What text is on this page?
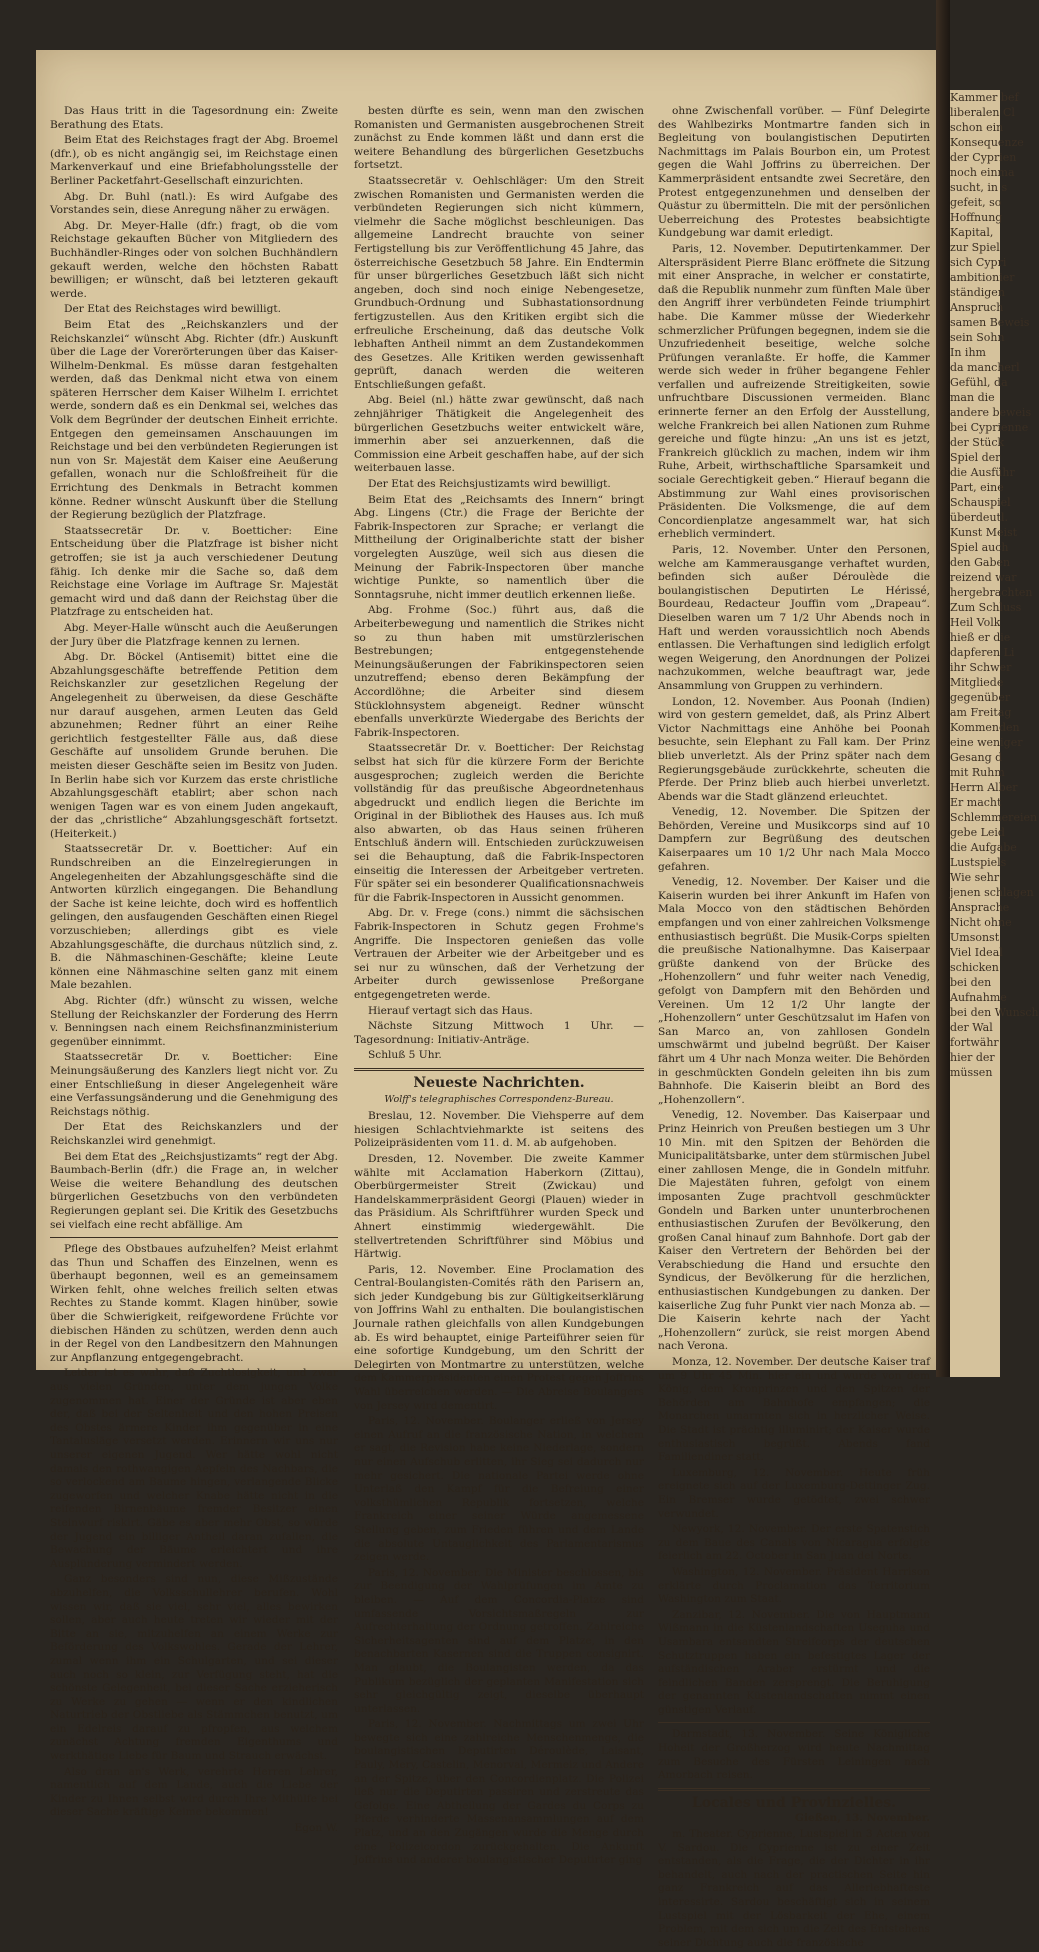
Das Haus tritt in die Tagesordnung ein: Zweite Berathung des Etats.

Beim Etat des Reichstages fragt der Abg. Broemel (dfr.), ob es nicht angängig sei, im Reichstage einen Markenverkauf und eine Briefabholungsstelle der Berliner Packetfahrt-Gesellschaft einzurichten.

Abg. Dr. Buhl (natl.): Es wird Aufgabe des Vorstandes sein, diese Anregung näher zu erwägen.

Abg. Dr. Meyer-Halle (dfr.) fragt, ob die vom Reichstage gekauften Bücher von Mitgliedern des Buchhändler-Ringes oder von solchen Buchhändlern gekauft werden, welche den höchsten Rabatt bewilligen; er wünscht, daß bei letzteren gekauft werde.

Der Etat des Reichstages wird bewilligt.

Beim Etat des „Reichskanzlers und der Reichskanzlei“ wünscht Abg. Richter (dfr.) Auskunft über die Lage der Vorerörterungen über das Kaiser-Wilhelm-Denkmal. Es müsse daran festgehalten werden, daß das Denkmal nicht etwa von einem späteren Herrscher dem Kaiser Wilhelm I. errichtet werde, sondern daß es ein Denkmal sei, welches das Volk dem Begründer der deutschen Einheit errichte. Entgegen den gemeinsamen Anschauungen im Reichstage und bei den verbündeten Regierungen ist nun von Sr. Majestät dem Kaiser eine Aeußerung gefallen, wonach nur die Schloßfreiheit für die Errichtung des Denkmals in Betracht kommen könne. Redner wünscht Auskunft über die Stellung der Regierung bezüglich der Platzfrage.

Staatssecretär Dr. v. Boetticher: Eine Entscheidung über die Platzfrage ist bisher nicht getroffen; sie ist ja auch verschiedener Deutung fähig. Ich denke mir die Sache so, daß dem Reichstage eine Vorlage im Auftrage Sr. Majestät gemacht wird und daß dann der Reichstag über die Platzfrage zu entscheiden hat.

Abg. Meyer-Halle wünscht auch die Aeußerungen der Jury über die Platzfrage kennen zu lernen.

Abg. Dr. Böckel (Antisemit) bittet eine die Abzahlungsgeschäfte betreffende Petition dem Reichskanzler zur gesetzlichen Regelung der Angelegenheit zu überweisen, da diese Geschäfte nur darauf ausgehen, armen Leuten das Geld abzunehmen; Redner führt an einer Reihe gerichtlich festgestellter Fälle aus, daß diese Geschäfte auf unsolidem Grunde beruhen. Die meisten dieser Geschäfte seien im Besitz von Juden. In Berlin habe sich vor Kurzem das erste christliche Abzahlungsgeschäft etablirt; aber schon nach wenigen Tagen war es von einem Juden angekauft, der das „christliche“ Abzahlungsgeschäft fortsetzt. (Heiterkeit.)

Staatssecretär Dr. v. Boetticher: Auf ein Rundschreiben an die Einzelregierungen in Angelegenheiten der Abzahlungsgeschäfte sind die Antworten kürzlich eingegangen. Die Behandlung der Sache ist keine leichte, doch wird es hoffentlich gelingen, den ausfaugenden Geschäften einen Riegel vorzuschieben; allerdings gibt es viele Abzahlungsgeschäfte, die durchaus nützlich sind, z. B. die Nähmaschinen-Geschäfte; kleine Leute können eine Nähmaschine selten ganz mit einem Male bezahlen.

Abg. Richter (dfr.) wünscht zu wissen, welche Stellung der Reichskanzler der Forderung des Herrn v. Benningsen nach einem Reichsfinanzministerium gegenüber einnimmt.

Staatssecretär Dr. v. Boetticher: Eine Meinungsäußerung des Kanzlers liegt nicht vor. Zu einer Entschließung in dieser Angelegenheit wäre eine Verfassungsänderung und die Genehmigung des Reichstags nöthig.

Der Etat des Reichskanzlers und der Reichskanzlei wird genehmigt.

Bei dem Etat des „Reichsjustizamts“ regt der Abg. Baumbach-Berlin (dfr.) die Frage an, in welcher Weise die weitere Behandlung des deutschen bürgerlichen Gesetzbuchs von den verbündeten Regierungen geplant sei. Die Kritik des Gesetzbuchs sei vielfach eine recht abfällige. Am

Pflege des Obstbaues aufzuhelfen? Meist erlahmt das Thun und Schaffen des Einzelnen, wenn es überhaupt begonnen, weil es an gemeinsamem Wirken fehlt, ohne welches freilich selten etwas Rechtes zu Stande kommt. Klagen hinüber, sowie über die Schwierigkeit, reifgewordene Früchte vor diebischen Händen zu schützen, werden denn auch in der Regel von den Landbesitzern den Mahnungen zur Anpflanzung entgegengebracht.

Leider ist es wahr, daß Zuchtlosigkeit, und zwar aus vielen Gründen, unter dem jungen Volke zugenommen hat. Einer der Gründe ist aber eben der, daß bei der Seltenheit und den hohen Preisen des Obstes ärmere Kinder ihm gegenüber in eine Tantalusläge versetzt werden. Erinnern wir uns nur unserer eigenen Jugend. Wer hätte wohl nicht damals den rothwangigen Aepfeln des Nachbars, die so verlockend am Baume hingen, verlangende Blicke zugeworfen und welcher Knabe hätte nicht in die reifenden Birnenbäume fremder Besitzer einen Steinwurf riskirt. Gäbe es aber mehr Obst, so würde der Jugend ein billiger Antheil daran zufallen, die Bewachung der Bäume erleichtert und ihre Ausplünderung vermindert werden.

Ganz besonders sind nun, diese Mißzustände abzuhelfen, die Volksschullehrer berufen. Wohl wissen wir, daß sie viel, sehr viel, alles bewirken sollen, aber auch heute treten wir wieder mit der Bitte an sie, mitzuhelfen an einem Werke zur Beförderung des Volkswohles. Gerade der Lehrer, zumal wenn ihm ein Schulgarten, und sei dieser auch noch so klein, zur Verfügung steht, hat die schönste Gelegenheit, bei dieser Sache erzieherisch zu Werke zu gehen — wenn er den kindlichen Naturtrieb der Obstliebe als Stämmchen benutzt, um ein Edelreis darauf zu pfropfen, aus welchem zunächst Achtung fremden Eigenthums und werkthätige Liebe für Baum und Strauch erwächst.

Also dran an's Werk, verehrte Herren Lehrer, namentlich auf dem Lande, auch die Liebe der Kinder zu Ihnen selbst wird durch Ihre Mithülfe bei dieser Sache kräftige Keime bekommen!

Egon W.

besten dürfte es sein, wenn man den zwischen Romanisten und Germanisten ausgebrochenen Streit zunächst zu Ende kommen läßt und dann erst die weitere Behandlung des bürgerlichen Gesetzbuchs fortsetzt.

Staatssecretär v. Oehlschläger: Um den Streit zwischen Romanisten und Germanisten werden die verbündeten Regierungen sich nicht kümmern, vielmehr die Sache möglichst beschleunigen. Das allgemeine Landrecht brauchte von seiner Fertigstellung bis zur Veröffentlichung 45 Jahre, das österreichische Gesetzbuch 58 Jahre. Ein Endtermin für unser bürgerliches Gesetzbuch läßt sich nicht angeben, doch sind noch einige Nebengesetze, Grundbuch-Ordnung und Subhastationsordnung fertigzustellen. Aus den Kritiken ergibt sich die erfreuliche Erscheinung, daß das deutsche Volk lebhaften Antheil nimmt an dem Zustandekommen des Gesetzes. Alle Kritiken werden gewissenhaft geprüft, danach werden die weiteren Entschließungen gefaßt.

Abg. Beiel (nl.) hätte zwar gewünscht, daß nach zehnjähriger Thätigkeit die Angelegenheit des bürgerlichen Gesetzbuchs weiter entwickelt wäre, immerhin aber sei anzuerkennen, daß die Commission eine Arbeit geschaffen habe, auf der sich weiterbauen lasse.

Der Etat des Reichsjustizamts wird bewilligt.

Beim Etat des „Reichsamts des Innern“ bringt Abg. Lingens (Ctr.) die Frage der Berichte der Fabrik-Inspectoren zur Sprache; er verlangt die Mittheilung der Originalberichte statt der bisher vorgelegten Auszüge, weil sich aus diesen die Meinung der Fabrik-Inspectoren über manche wichtige Punkte, so namentlich über die Sonntagsruhe, nicht immer deutlich erkennen ließe.

Abg. Frohme (Soc.) führt aus, daß die Arbeiterbewegung und namentlich die Strikes nicht so zu thun haben mit umstürzlerischen Bestrebungen; entgegenstehende Meinungsäußerungen der Fabrikinspectoren seien unzutreffend; ebenso deren Bekämpfung der Accordlöhne; die Arbeiter sind diesem Stücklohnsystem abgeneigt. Redner wünscht ebenfalls unverkürzte Wiedergabe des Berichts der Fabrik-Inspectoren.

Staatssecretär Dr. v. Boetticher: Der Reichstag selbst hat sich für die kürzere Form der Berichte ausgesprochen; zugleich werden die Berichte vollständig für das preußische Abgeordnetenhaus abgedruckt und endlich liegen die Berichte im Original in der Bibliothek des Hauses aus. Ich muß also abwarten, ob das Haus seinen früheren Entschluß ändern will. Entschieden zurückzuweisen sei die Behauptung, daß die Fabrik-Inspectoren einseitig die Interessen der Arbeitgeber vertreten. Für später sei ein besonderer Qualificationsnachweis für die Fabrik-Inspectoren in Aussicht genommen.

Abg. Dr. v. Frege (cons.) nimmt die sächsischen Fabrik-Inspectoren in Schutz gegen Frohme's Angriffe. Die Inspectoren genießen das volle Vertrauen der Arbeiter wie der Arbeitgeber und es sei nur zu wünschen, daß der Verhetzung der Arbeiter durch gewissenlose Preßorgane entgegengetreten werde.

Hierauf vertagt sich das Haus.

Nächste Sitzung Mittwoch 1 Uhr. — Tagesordnung: Initiativ-Anträge.

Schluß 5 Uhr.

Neueste Nachrichten.
Wolff's telegraphisches Correspondenz-Bureau.

Breslau, 12. November. Die Viehsperre auf dem hiesigen Schlachtviehmarkte ist seitens des Polizeipräsidenten vom 11. d. M. ab aufgehoben.

Dresden, 12. November. Die zweite Kammer wählte mit Acclamation Haberkorn (Zittau), Oberbürgermeister Streit (Zwickau) und Handelskammerpräsident Georgi (Plauen) wieder in das Präsidium. Als Schriftführer wurden Speck und Ahnert einstimmig wiedergewählt. Die stellvertretenden Schriftführer sind Möbius und Härtwig.

Paris, 12. November. Eine Proclamation des Central-Boulangisten-Comités räth den Parisern an, sich jeder Kundgebung bis zur Gültigkeitserklärung von Joffrins Wahl zu enthalten. Die boulangistischen Journale rathen gleichfalls von allen Kundgebungen ab. Es wird behauptet, einige Parteiführer seien für eine sofortige Kundgebung, um den Schritt der Delegirten von Montmartre zu unterstützen, welche dem Kammerpräsidenten einen Protest gegen Joffrins Wahl überreichen werden. — Die Abreise Boulangers von Jersey wird dementirt.

Paris, 12. November. Boulanger erließ von Jersey einen Aufruf an die französische Nation, in welchem er sagt, die Revision habe keine Niederlage, sondern nur einen Aufschub erlitten, ihr Sieg sei dadurch nur mehr gesichert. Die nationale Partei werde ohne Unterlaß den Kampf für die Befreiung einer volksthümlichen Republik fortsetzen, welche Frankreich einer seiner Würde angemessene Stellung geben, zum Frieden führen und dem Lande die absolute Untauglichkeit des Parlamentarismus zeigen werde.

Paris, 12. November. Die Minister beschlossen, bis zur Beendigung der Wahlprüfungen im Amte zu bleiben. — Auf dem Concordia-Platze sind umfassende Vorsichtsmaßregeln zur Aufrechterhaltung der Ordnung getroffen. Zahlreiche Sicherheitsagenten sind auf dem Platze, in den benachbarten Kasernen sind die Truppen consignirt. Man glaubt, die Boulangisten werden, da das Publikum bezüglich der geplanten Manifestation sich sehr gleichgültig zeigt, dieselbe überhaupt unterlassen.

Paris, 12. November. Nachmittags um zwei Uhr bewegte sich eine zahlreiche Menschenmenge, die boulangistischen Deputirten Déroulède, Laisant, Pauly, Mery, Castelin, Menorval, Mermeiz und Andere an der Spitze, über den Concordienplatz. Die Polizei ließ nur die Deputirten passiren und zerstreute das Gefolge. Eine Abtheilung der Gardes du Corps zu Pferde verhinderte Massenansammlungen auf dem Platz, und an den Zugängen wurde die Menge durch eine Polizeicordon zurückgehalten. Die Ankunft Joffrins und anderer boulangistischer Deputirter ging

ohne Zwischenfall vorüber. — Fünf Delegirte des Wahlbezirks Montmartre fanden sich in Begleitung von boulangistischen Deputirten Nachmittags im Palais Bourbon ein, um Protest gegen die Wahl Joffrins zu überreichen. Der Kammerpräsident entsandte zwei Secretäre, den Protest entgegenzunehmen und denselben der Quästur zu übermitteln. Die mit der persönlichen Ueberreichung des Protestes beabsichtigte Kundgebung war damit erledigt.

Paris, 12. November. Deputirtenkammer. Der Alterspräsident Pierre Blanc eröffnete die Sitzung mit einer Ansprache, in welcher er constatirte, daß die Republik nunmehr zum fünften Male über den Angriff ihrer verbündeten Feinde triumphirt habe. Die Kammer müsse der Wiederkehr schmerzlicher Prüfungen begegnen, indem sie die Unzufriedenheit beseitige, welche solche Prüfungen veranlaßte. Er hoffe, die Kammer werde sich weder in früher begangene Fehler verfallen und aufreizende Streitigkeiten, sowie unfruchtbare Discussionen vermeiden. Blanc erinnerte ferner an den Erfolg der Ausstellung, welche Frankreich bei allen Nationen zum Ruhme gereiche und fügte hinzu: „An uns ist es jetzt, Frankreich glücklich zu machen, indem wir ihm Ruhe, Arbeit, wirthschaftliche Sparsamkeit und sociale Gerechtigkeit geben.“ Hierauf begann die Abstimmung zur Wahl eines provisorischen Präsidenten. Die Volksmenge, die auf dem Concordienplatze angesammelt war, hat sich erheblich vermindert.

Paris, 12. November. Unter den Personen, welche am Kammerausgange verhaftet wurden, befinden sich außer Déroulède die boulangistischen Deputirten Le Hérissé, Bourdeau, Redacteur Jouffin vom „Drapeau“. Dieselben waren um 7 1/2 Uhr Abends noch in Haft und werden voraussichtlich noch Abends entlassen. Die Verhaftungen sind lediglich erfolgt wegen Weigerung, den Anordnungen der Polizei nachzukommen, welche beauftragt war, jede Ansammlung von Gruppen zu verhindern.

London, 12. November. Aus Poonah (Indien) wird von gestern gemeldet, daß, als Prinz Albert Victor Nachmittags eine Anhöhe bei Poonah besuchte, sein Elephant zu Fall kam. Der Prinz blieb unverletzt. Als der Prinz später nach dem Regierungsgebäude zurückkehrte, scheuten die Pferde. Der Prinz blieb auch hierbei unverletzt. Abends war die Stadt glänzend erleuchtet.

Venedig, 12. November. Die Spitzen der Behörden, Vereine und Musikcorps sind auf 10 Dampfern zur Begrüßung des deutschen Kaiserpaares um 10 1/2 Uhr nach Mala Mocco gefahren.

Venedig, 12. November. Der Kaiser und die Kaiserin wurden bei ihrer Ankunft im Hafen von Mala Mocco von den städtischen Behörden empfangen und von einer zahlreichen Volksmenge enthusiastisch begrüßt. Die Musik-Corps spielten die preußische Nationalhymne. Das Kaiserpaar grüßte dankend von der Brücke des „Hohenzollern“ und fuhr weiter nach Venedig, gefolgt von Dampfern mit den Behörden und Vereinen. Um 12 1/2 Uhr langte der „Hohenzollern“ unter Geschützsalut im Hafen von San Marco an, von zahllosen Gondeln umschwärmt und jubelnd begrüßt. Der Kaiser fährt um 4 Uhr nach Monza weiter. Die Behörden in geschmückten Gondeln geleiten ihn bis zum Bahnhofe. Die Kaiserin bleibt an Bord des „Hohenzollern“.

Venedig, 12. November. Das Kaiserpaar und Prinz Heinrich von Preußen bestiegen um 3 Uhr 10 Min. mit den Spitzen der Behörden die Municipalitätsbarke, unter dem stürmischen Jubel einer zahllosen Menge, die in Gondeln mitfuhr. Die Majestäten fuhren, gefolgt von einem imposanten Zuge prachtvoll geschmückter Gondeln und Barken unter ununterbrochenen enthusiastischen Zurufen der Bevölkerung, den großen Canal hinauf zum Bahnhofe. Dort gab der Kaiser den Vertretern der Behörden bei der Verabschiedung die Hand und ersuchte den Syndicus, der Bevölkerung für die herzlichen, enthusiastischen Kundgebungen zu danken. Der kaiserliche Zug fuhr Punkt vier nach Monza ab. — Die Kaiserin kehrte nach der Yacht „Hohenzollern“ zurück, sie reist morgen Abend nach Verona.

Monza, 12. November. Der deutsche Kaiser traf um 9 Uhr 45 Min. hier ein und wurde von dem König, dem Kronprinzen und den Spitzen der Behörden am Bahnhofe empfangen; die Monarchen umarmten sich in herzlicher Weise. Die Stadt ist prächtig illuminirt; der Kaiser wurde enthusiastisch begrüßt. Abends fand Familiendiner statt.

Luxemburg, 12. November. Heute früh ereignete sich auf der Luxemburg-Dettinger Zug. Ein Bremser wurde getödtet, zwei schwer verwundet.

Newyork, 12. November. Der erste Spatenstich zu dem Baue des Canals von Nicaragua erfolgte feierlich am 22. October in San Juan del Norte.

Washington, 12. November. Präsident Harrison erklärte durch Proclamation das Territorium Washington zum Staat.

Zanzibar, 12. November. Die von Hauptmann Wißmann in die Küstenlandschaften Useguha und Usambara entsandten Streifcorps der deutschen Schutztruppen haben ein befestigtes Lager der aufständischen Araber erstürmt und die feindlichen Banden zersprengt. Die Beruhigung der genannten Küstenlandschaften nimmt einen günstigen Verlauf.

Darmstadt, 13. November. Seine Königliche Hoheit der Großherzog wird heute Nachmittag zum Besuche des Fürsten Leiningen nach Amorbach reisen.

Locales und Provinzielles.
Gießen, 13. November.

m. Theater. Cyprienne, Lustspiel in 3 Acten von V. Sardou. Die Cyprienne ist zu einer Zeit entstanden, als die Frage, die der Dichter in ihr behandelt, auch nach der practischen Seite hin ganz Frankreich auf das Allerlebhafteste interessirte. Sardou beschäftigt sich in seinem Lustspiel mit der Lösbarkeit der Ehe, einem Problem, mit dem sich um die Zeit des Entstehens seiner Dichtung auch die französische

Kammer bef

liberalen Cl

schon ein

Konsequenze

der Cyprien

noch einma

sucht, in s

gefeit, so

Hoffnung

Kapital,

zur Spiel

sich Cypri

ambitionier

ständigen

Anspruch

samen Beweis

sein Sohn

In ihm

da mancherl

Gefühl, da

man die

andere beweis

bei Cyprienne

der Stück

Spiel der

die Ausführ

Part, eine

Schauspiel

überdeutl.

Kunst Meist

Spiel auch

den Gaben

reizend war

hergebrachten

Zum Schluss

Heil Volk

hieß er die

dapferen Li

ihr Schwer

Mitgliede

gegenüber

am Freitag

Kommenden

eine weniger

Gesang d

mit Ruhm

Herrn Alber

Er macht

Schlemmereien

gebe Leid

die Aufgabe

Lustspiels

Wie sehr

jenen schlagen

Ansprache

Nicht ohne

Umsonst

Viel Ideal

schicken

bei den

Aufnahme

bei den Wunsch

der Wal

fortwähr

hier der

müssen
